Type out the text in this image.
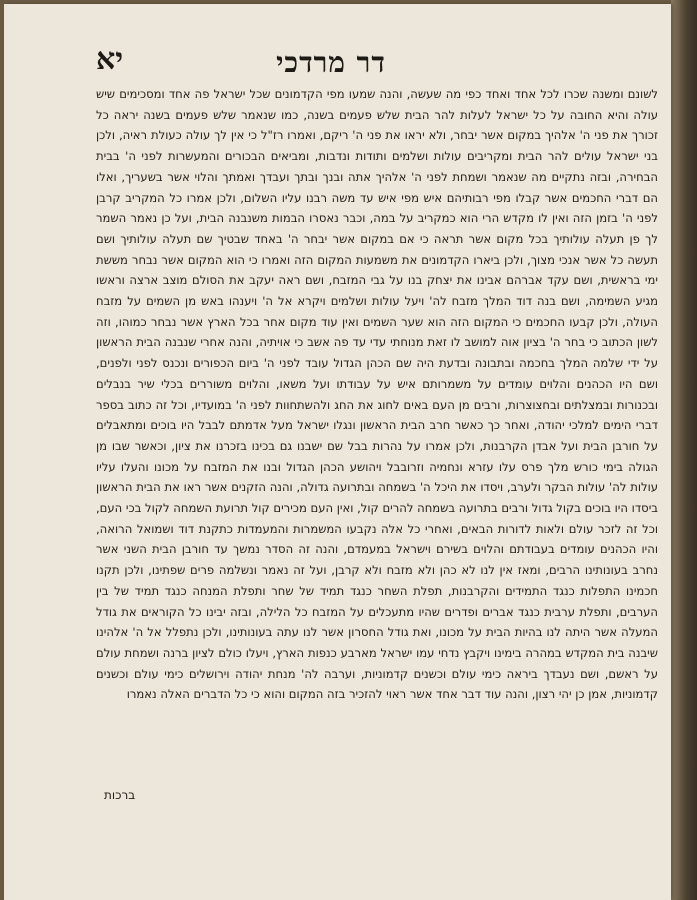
יא	דר מרדכי

לשונם ומשנה שכרו לכל אחד ואחד כפי מה שעשה, והנה שמעו מפי הקדמונים שכל ישראל פה אחד ומסכימים שיש עולה והיא החובה על כל ישראל לעלות להר הבית שלש פעמים בשנה, כמו שנאמר שלש פעמים בשנה יראה כל זכורך את פני ה' אלהיך במקום אשר יבחר, ולא יראו את פני ה' ריקם, ואמרו רז"ל כי אין לך עולה כעולת ראיה, ולכן בני ישראל עולים להר הבית ומקריבים עולות ושלמים ותודות ונדבות, ומביאים הבכורים והמעשרות לפני ה' בבית הבחירה, ובזה נתקיים מה שנאמר ושמחת לפני ה' אלהיך אתה ובנך ובתך ועבדך ואמתך והלוי אשר בשעריך, ואלו הם דברי החכמים אשר קבלו מפי רבותיהם איש מפי איש עד משה רבנו עליו השלום, ולכן אמרו כל המקריב קרבן לפני ה' בזמן הזה ואין לו מקדש הרי הוא כמקריב על במה, וכבר נאסרו הבמות משנבנה הבית, ועל כן נאמר השמר לך פן תעלה עולותיך בכל מקום אשר תראה כי אם במקום אשר יבחר ה' באחד שבטיך שם תעלה עולותיך ושם תעשה כל אשר אנכי מצוך, ולכן ביארו הקדמונים את משמעות המקום הזה ואמרו כי הוא המקום אשר נבחר מששת ימי בראשית, ושם עקד אברהם אבינו את יצחק בנו על גבי המזבח, ושם ראה יעקב את הסולם מוצב ארצה וראשו מגיע השמימה, ושם בנה דוד המלך מזבח לה' ויעל עולות ושלמים ויקרא אל ה' ויענהו באש מן השמים על מזבח העולה, ולכן קבעו החכמים כי המקום הזה הוא שער השמים ואין עוד מקום אחר בכל הארץ אשר נבחר כמוהו, וזה לשון הכתוב כי בחר ה' בציון אוה למושב לו זאת מנוחתי עדי עד פה אשב כי אויתיה, והנה אחרי שנבנה הבית הראשון על ידי שלמה המלך בחכמה ובתבונה ובדעת היה שם הכהן הגדול עובד לפני ה' ביום הכפורים ונכנס לפני ולפנים, ושם היו הכהנים והלוים עומדים על משמרותם איש על עבודתו ועל משאו, והלוים משוררים בכלי שיר בנבלים ובכנורות ובמצלתים ובחצוצרות, ורבים מן העם באים לחוג את החג ולהשתחוות לפני ה' במועדיו, וכל זה כתוב בספר דברי הימים למלכי יהודה, ואחר כך כאשר חרב הבית הראשון ונגלו ישראל מעל אדמתם לבבל היו בוכים ומתאבלים על חורבן הבית ועל אבדן הקרבנות, ולכן אמרו על נהרות בבל שם ישבנו גם בכינו בזכרנו את ציון, וכאשר שבו מן הגולה בימי כורש מלך פרס עלו עזרא ונחמיה וזרובבל ויהושע הכהן הגדול ובנו את המזבח על מכונו והעלו עליו עולות לה' עולות הבקר ולערב, ויסדו את היכל ה' בשמחה ובתרועה גדולה, והנה הזקנים אשר ראו את הבית הראשון ביסדו היו בוכים בקול גדול ורבים בתרועה בשמחה להרים קול, ואין העם מכירים קול תרועת השמחה לקול בכי העם, וכל זה לזכר עולם ולאות לדורות הבאים, ואחרי כל אלה נקבעו המשמרות והמעמדות כתקנת דוד ושמואל הרואה, והיו הכהנים עומדים בעבודתם והלוים בשירם וישראל במעמדם, והנה זה הסדר נמשך עד חורבן הבית השני אשר נחרב בעונותינו הרבים, ומאז אין לנו לא כהן ולא מזבח ולא קרבן, ועל זה נאמר ונשלמה פרים שפתינו, ולכן תקנו חכמינו התפלות כנגד התמידים והקרבנות, תפלת השחר כנגד תמיד של שחר ותפלת המנחה כנגד תמיד של בין הערבים, ותפלת ערבית כנגד אברים ופדרים שהיו מתעכלים על המזבח כל הלילה, ובזה יבינו כל הקוראים את גודל המעלה אשר היתה לנו בהיות הבית על מכונו, ואת גודל החסרון אשר לנו עתה בעונותינו, ולכן נתפלל אל ה' אלהינו שיבנה בית המקדש במהרה בימינו ויקבץ נדחי עמו ישראל מארבע כנפות הארץ, ויעלו כולם לציון ברנה ושמחת עולם על ראשם, ושם נעבדך ביראה כימי עולם וכשנים קדמוניות, וערבה לה' מנחת יהודה וירושלים כימי עולם וכשנים קדמוניות, אמן כן יהי רצון, והנה עוד דבר אחד אשר ראוי להזכיר בזה המקום והוא כי כל הדברים האלה נאמרו

ברכות
